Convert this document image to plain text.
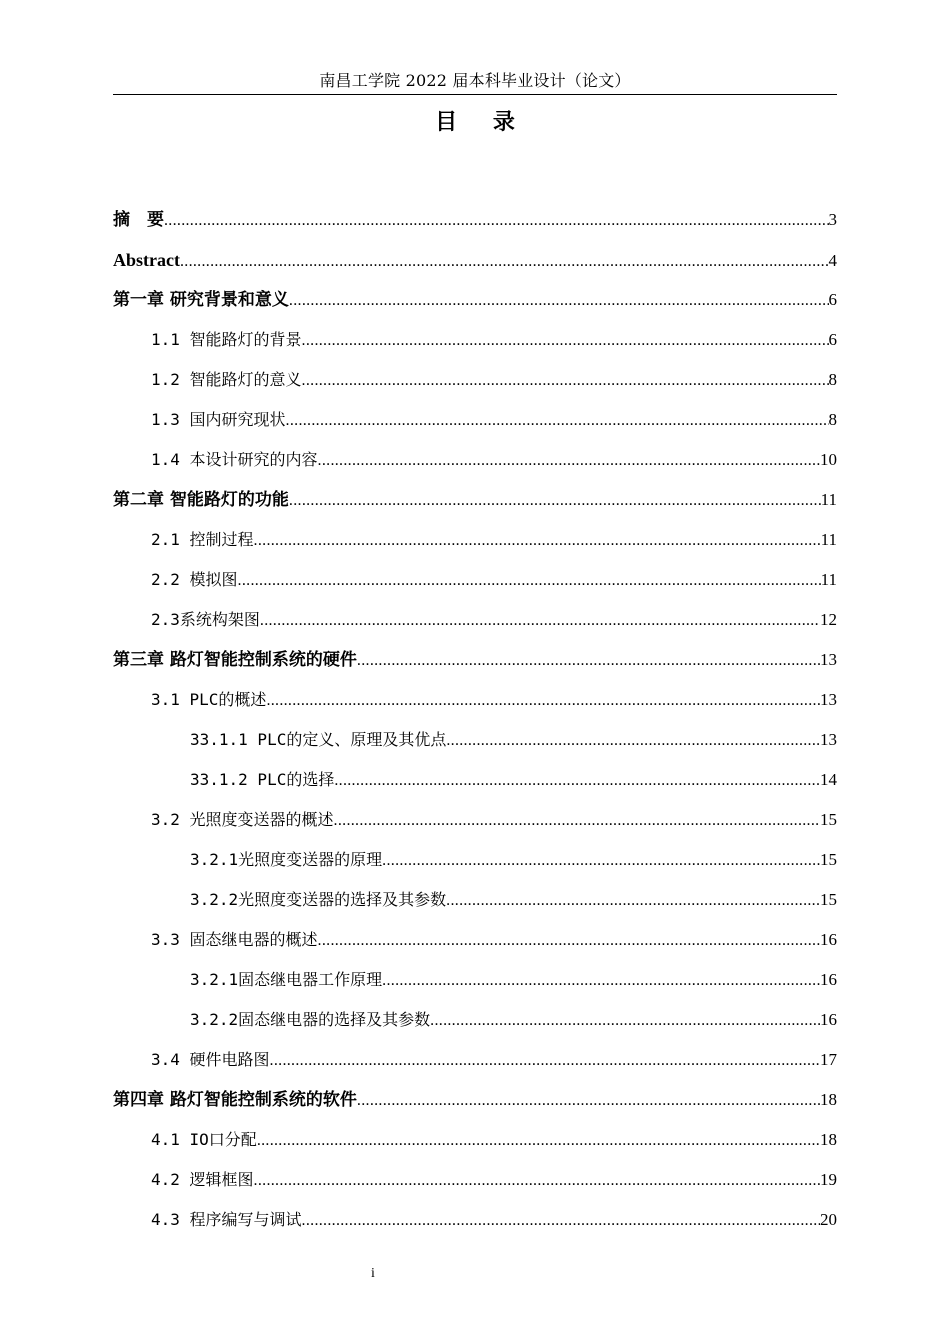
南昌工学院 2022 届本科毕业设计（论文）
目 录
摘　要 .....	3
Abstract .....	4
第一章 研究背景和意义 .....	6
1.1 智能路灯的背景 .....	6
1.2 智能路灯的意义 .....	8
1.3 国内研究现状 .....	8
1.4 本设计研究的内容 .....	10
第二章 智能路灯的功能 .....	11
2.1 控制过程 .....	11
2.2 模拟图 .....	11
2.3系统构架图 .....	12
第三章 路灯智能控制系统的硬件 .....	13
3.1 PLC的概述 .....	13
33.1.1 PLC的定义、原理及其优点 .....	13
33.1.2 PLC的选择 .....	14
3.2 光照度变送器的概述 .....	15
3.2.1光照度变送器的原理 .....	15
3.2.2光照度变送器的选择及其参数 .....	15
3.3 固态继电器的概述 .....	16
3.2.1固态继电器工作原理 .....	16
3.2.2固态继电器的选择及其参数 .....	16
3.4 硬件电路图 .....	17
第四章 路灯智能控制系统的软件 .....	18
4.1 IO口分配 .....	18
4.2 逻辑框图 .....	19
4.3 程序编写与调试 .....	20
i
